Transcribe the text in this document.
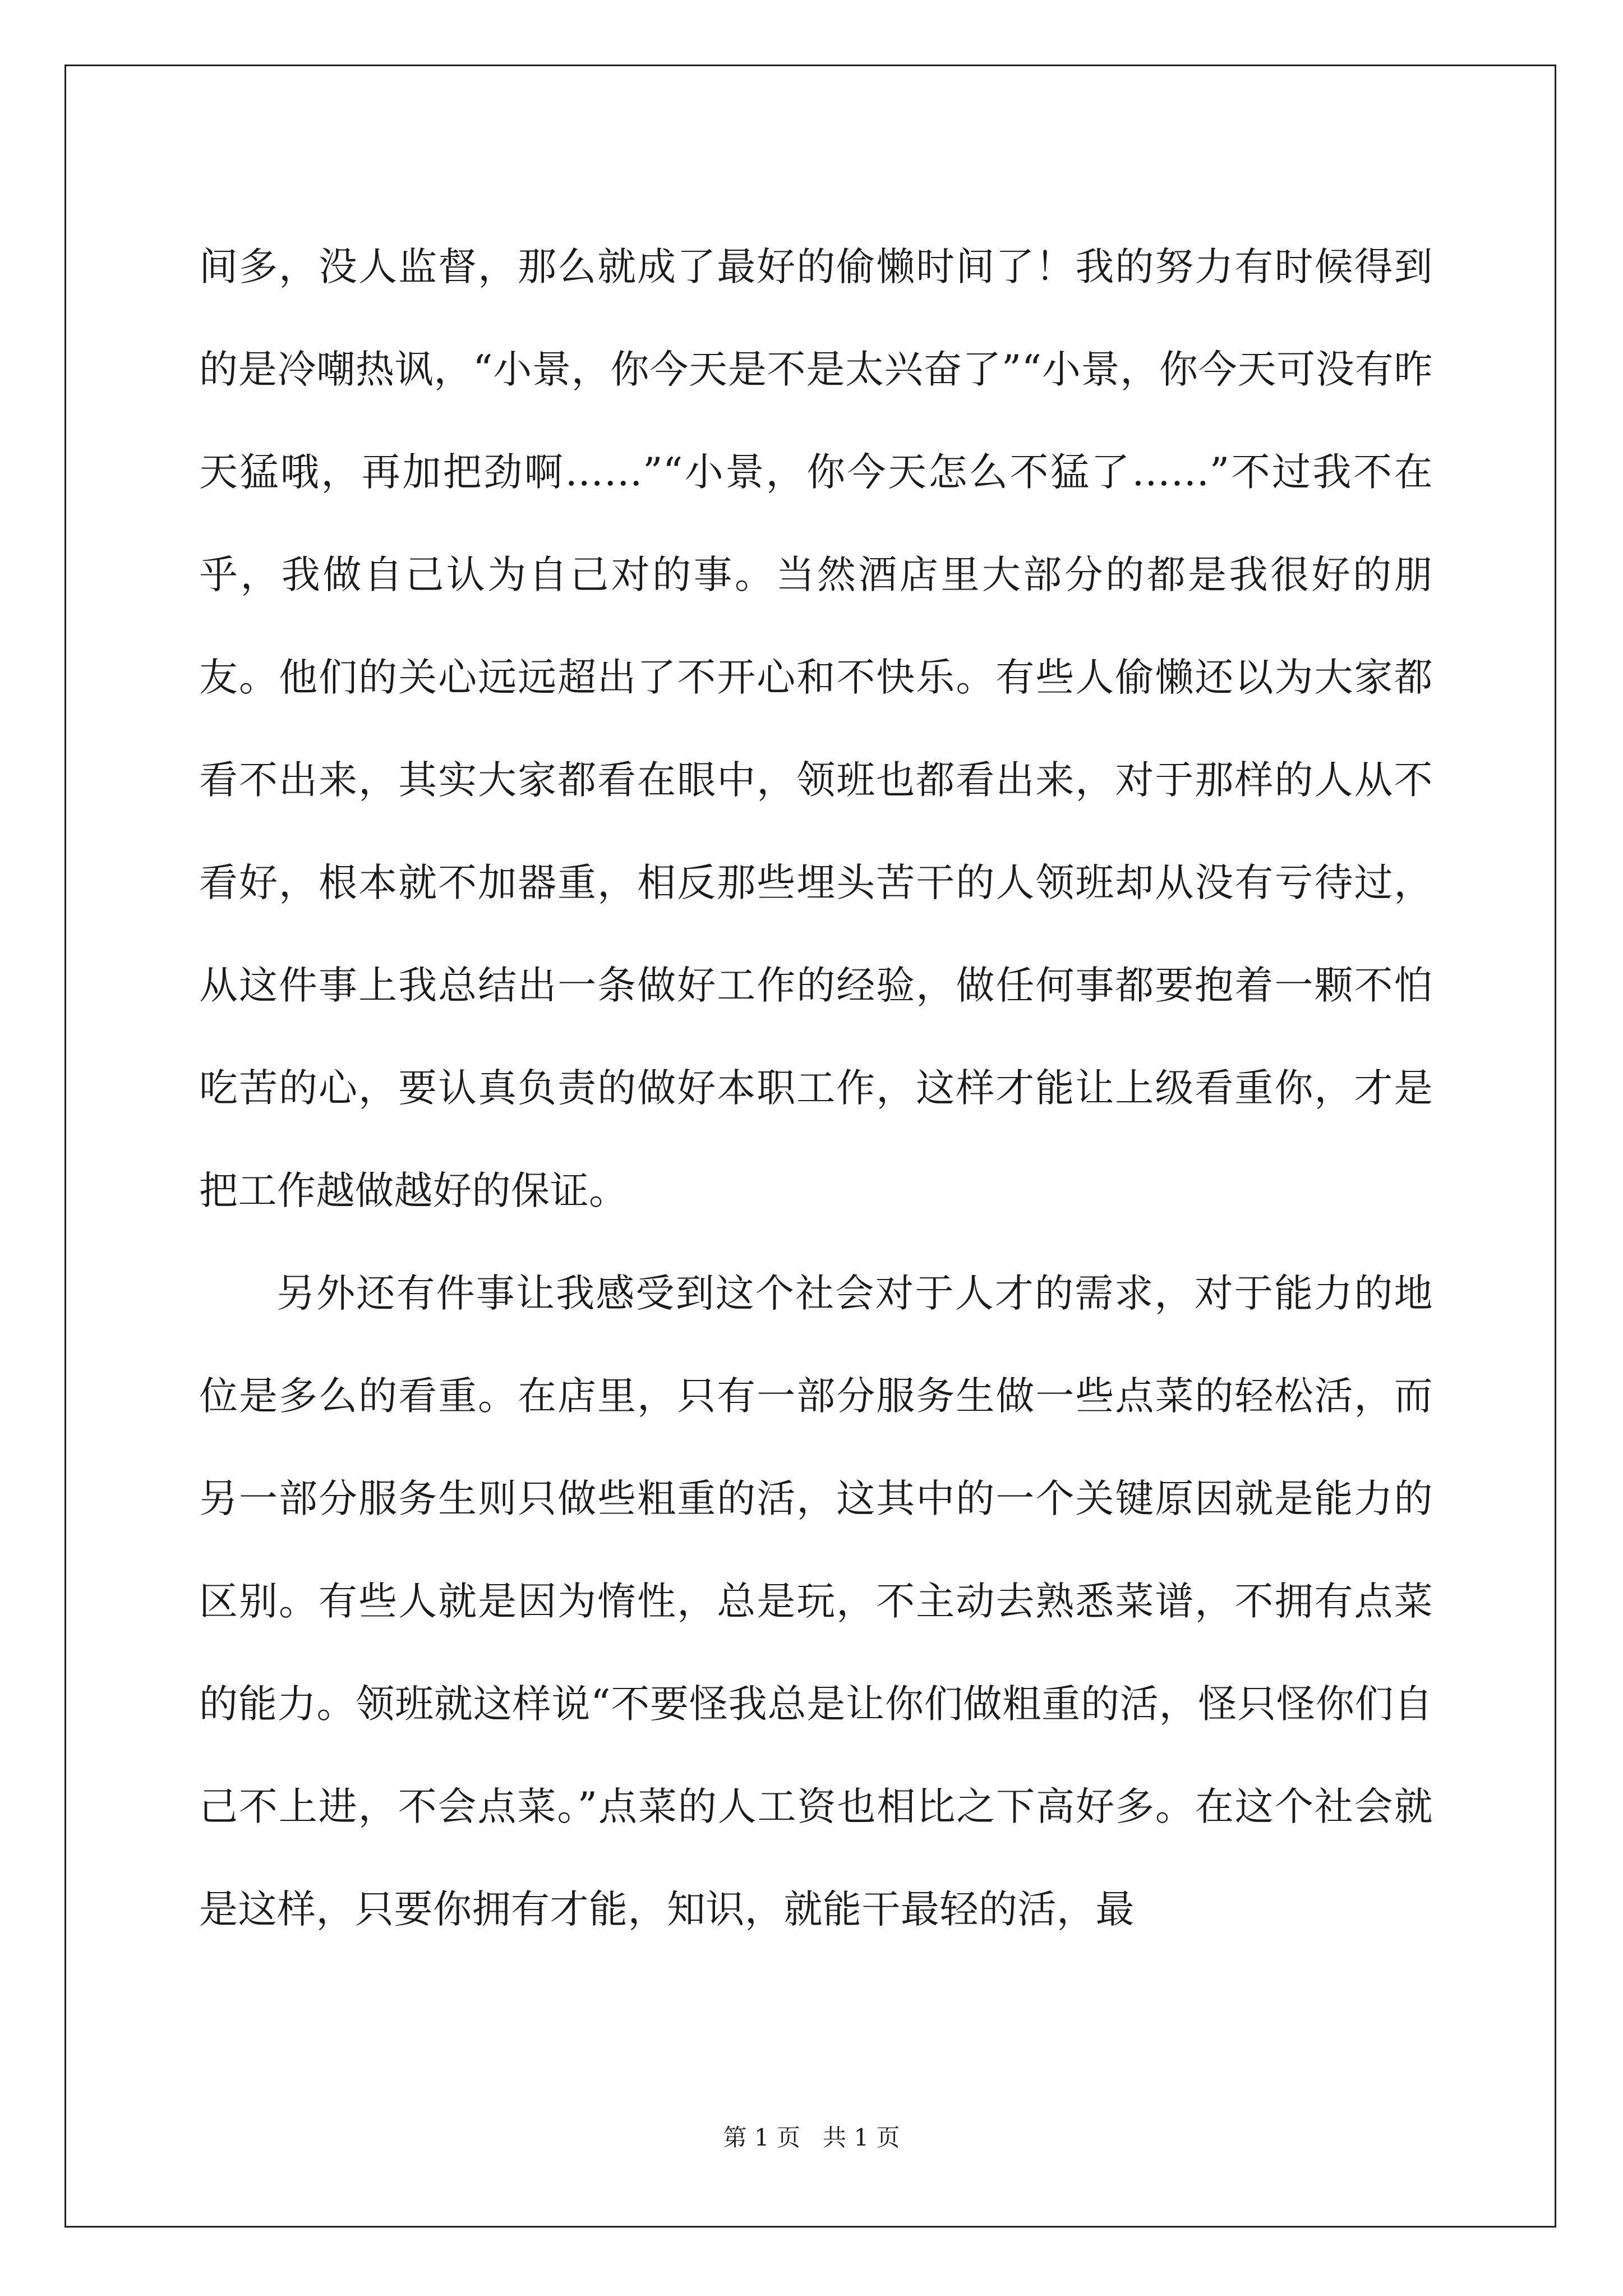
间多，没人监督，那么就成了最好的偷懒时间了！我的努力有时候得到的是冷嘲热讽，“小景，你今天是不是太兴奋了”“小景，你今天可没有昨天猛哦，再加把劲啊……”“小景，你今天怎么不猛了……”不过我不在乎，我做自己认为自己对的事。当然酒店里大部分的都是我很好的朋友。他们的关心远远超出了不开心和不快乐。有些人偷懒还以为大家都看不出来，其实大家都看在眼中，领班也都看出来，对于那样的人从不看好，根本就不加器重，相反那些埋头苦干的人领班却从没有亏待过，从这件事上我总结出一条做好工作的经验，做任何事都要抱着一颗不怕吃苦的心，要认真负责的做好本职工作，这样才能让上级看重你，才是把工作越做越好的保证。

另外还有件事让我感受到这个社会对于人才的需求，对于能力的地位是多么的看重。在店里，只有一部分服务生做一些点菜的轻松活，而另一部分服务生则只做些粗重的活，这其中的一个关键原因就是能力的区别。有些人就是因为惰性，总是玩，不主动去熟悉菜谱，不拥有点菜的能力。领班就这样说“不要怪我总是让你们做粗重的活，怪只怪你们自己不上进，不会点菜。”点菜的人工资也相比之下高好多。在这个社会就是这样，只要你拥有才能，知识，就能干最轻的活，最

第 1 页   共 1 页
